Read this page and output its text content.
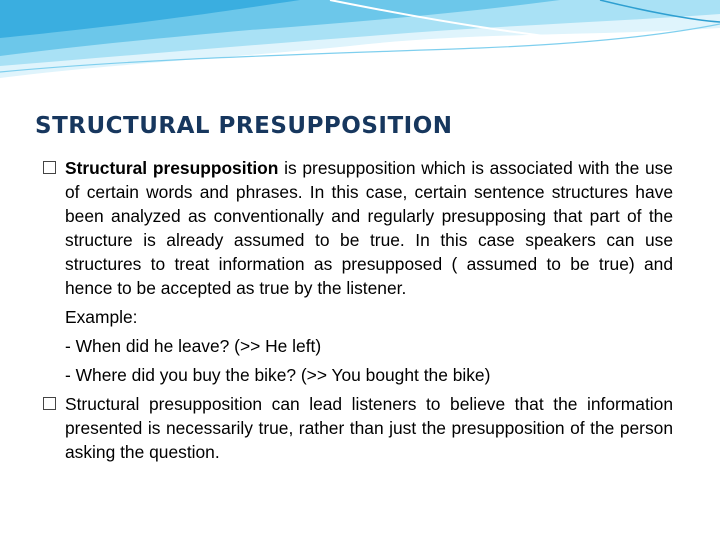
STRUCTURAL PRESUPPOSITION

Structural presupposition is presupposition which is associated with the use of certain words and phrases. In this case, certain sentence structures have been analyzed as conventionally and regularly presupposing that part of the structure is already assumed to be true. In this case speakers can use structures to treat information as presupposed ( assumed to be true) and hence to be accepted as true by the listener.

Example:
- When did he leave? (>> He left)
- Where did you buy the bike? (>> You bought the bike)

Structural presupposition can lead listeners to believe that the information presented is necessarily true, rather than just the presupposition of the person asking the question.
